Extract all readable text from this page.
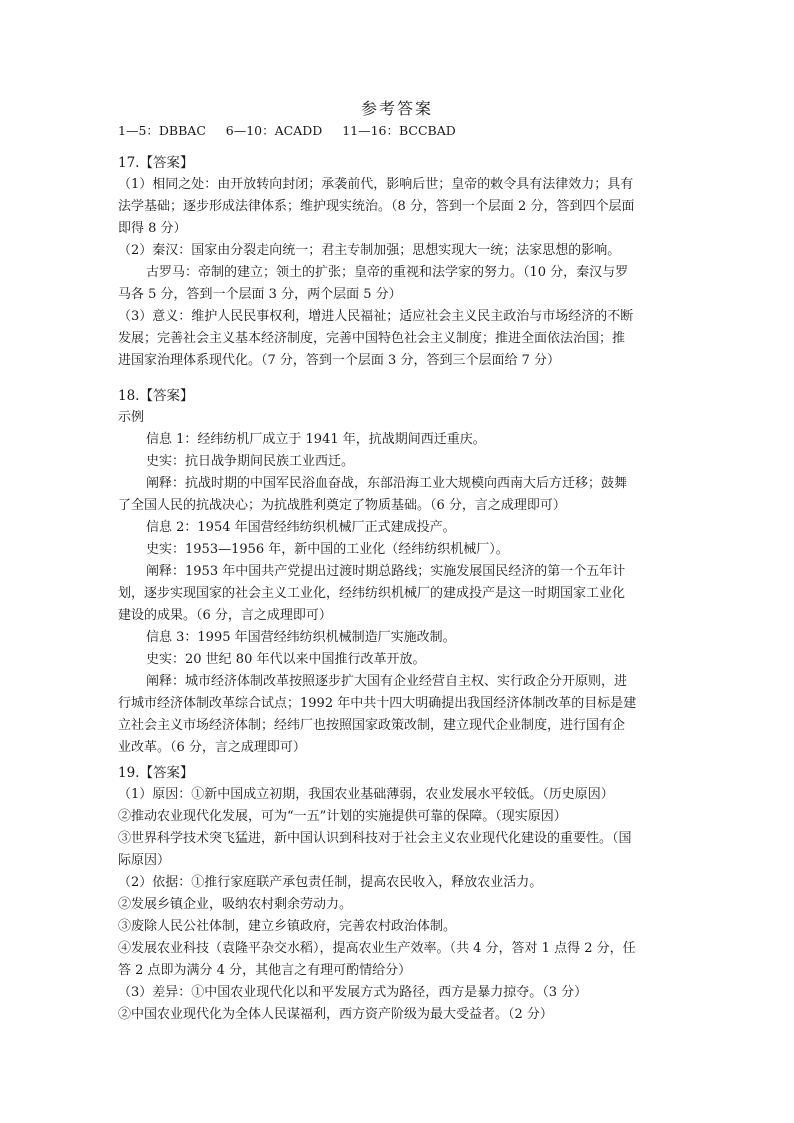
参考答案
1—5：DBBAC 6—10：ACADD 11—16：BCCBAD

17.【答案】

（1）相同之处：由开放转向封闭；承袭前代，影响后世；皇帝的敕令具有法律效力；具有

法学基础；逐步形成法律体系；维护现实统治。（8 分，答到一个层面 2 分，答到四个层面

即得 8 分）

（2）秦汉：国家由分裂走向统一；君主专制加强；思想实现大一统；法家思想的影响。

古罗马：帝制的建立；领土的扩张；皇帝的重视和法学家的努力。（10 分，秦汉与罗

马各 5 分，答到一个层面 3 分，两个层面 5 分）

（3）意义：维护人民民事权利，增进人民福祉；适应社会主义民主政治与市场经济的不断

发展；完善社会主义基本经济制度，完善中国特色社会主义制度；推进全面依法治国；推

进国家治理体系现代化。（7 分，答到一个层面 3 分，答到三个层面给 7 分）

18.【答案】

示例

信息 1：经纬纺机厂成立于 1941 年，抗战期间西迁重庆。

史实：抗日战争期间民族工业西迁。

阐释：抗战时期的中国军民浴血奋战，东部沿海工业大规模向西南大后方迁移；鼓舞

了全国人民的抗战决心；为抗战胜利奠定了物质基础。（6 分，言之成理即可）

信息 2：1954 年国营经纬纺织机械厂正式建成投产。

史实：1953—1956 年，新中国的工业化（经纬纺织机械厂）。

阐释：1953 年中国共产党提出过渡时期总路线；实施发展国民经济的第一个五年计

划，逐步实现国家的社会主义工业化，经纬纺织机械厂的建成投产是这一时期国家工业化

建设的成果。（6 分，言之成理即可）

信息 3：1995 年国营经纬纺织机械制造厂实施改制。

史实：20 世纪 80 年代以来中国推行改革开放。

阐释：城市经济体制改革按照逐步扩大国有企业经营自主权、实行政企分开原则，进

行城市经济体制改革综合试点；1992 年中共十四大明确提出我国经济体制改革的目标是建

立社会主义市场经济体制；经纬厂也按照国家政策改制，建立现代企业制度，进行国有企

业改革。（6 分，言之成理即可）

19.【答案】

（1）原因：①新中国成立初期，我国农业基础薄弱，农业发展水平较低。（历史原因）

②推动农业现代化发展，可为“一五”计划的实施提供可靠的保障。（现实原因）

③世界科学技术突飞猛进，新中国认识到科技对于社会主义农业现代化建设的重要性。（国

际原因）

（2）依据：①推行家庭联产承包责任制，提高农民收入，释放农业活力。

②发展乡镇企业，吸纳农村剩余劳动力。

③废除人民公社体制，建立乡镇政府，完善农村政治体制。

④发展农业科技（袁隆平杂交水稻），提高农业生产效率。（共 4 分，答对 1 点得 2 分，任

答 2 点即为满分 4 分，其他言之有理可酌情给分）

（3）差异：①中国农业现代化以和平发展方式为路径，西方是暴力掠夺。（3 分）

②中国农业现代化为全体人民谋福利，西方资产阶级为最大受益者。（2 分）
